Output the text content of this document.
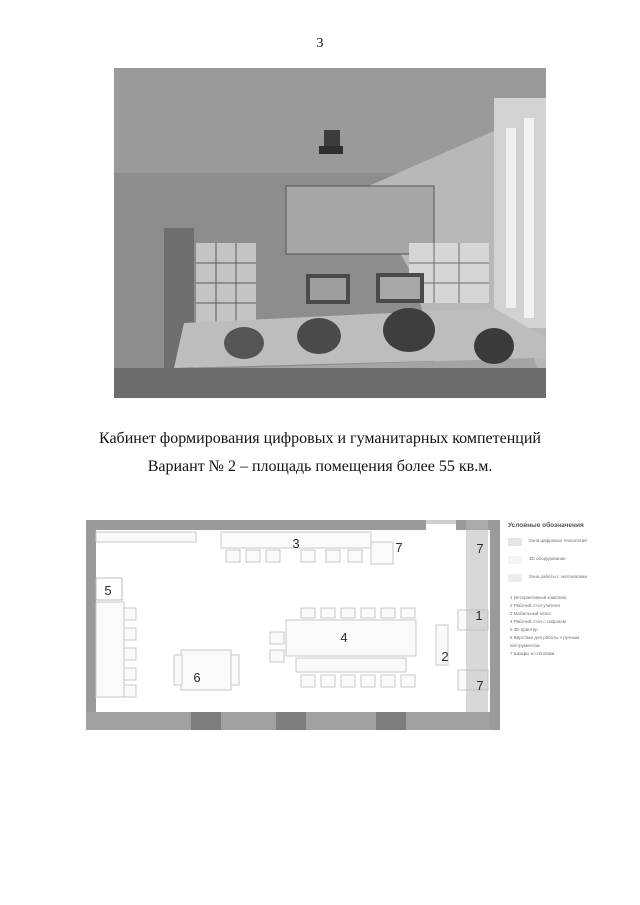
3
Кабинет формирования цифровых и гуманитарных компетенций
Вариант № 2 – площадь помещения более 55 кв.м.
3	7	7
5
4
1
2
6
7
Условные обозначения
Зона цифровых технологий
3D оборудование
Зона работы с экспонатами
1 Интерактивный комплекс
2 Рабочий стол учителя
3 Мобильный класс
4 Рабочий стол с сифоном
5 3D принтер
6 Верстаки для работы с ручным инструментом
7 Шкафы и стеллажи
